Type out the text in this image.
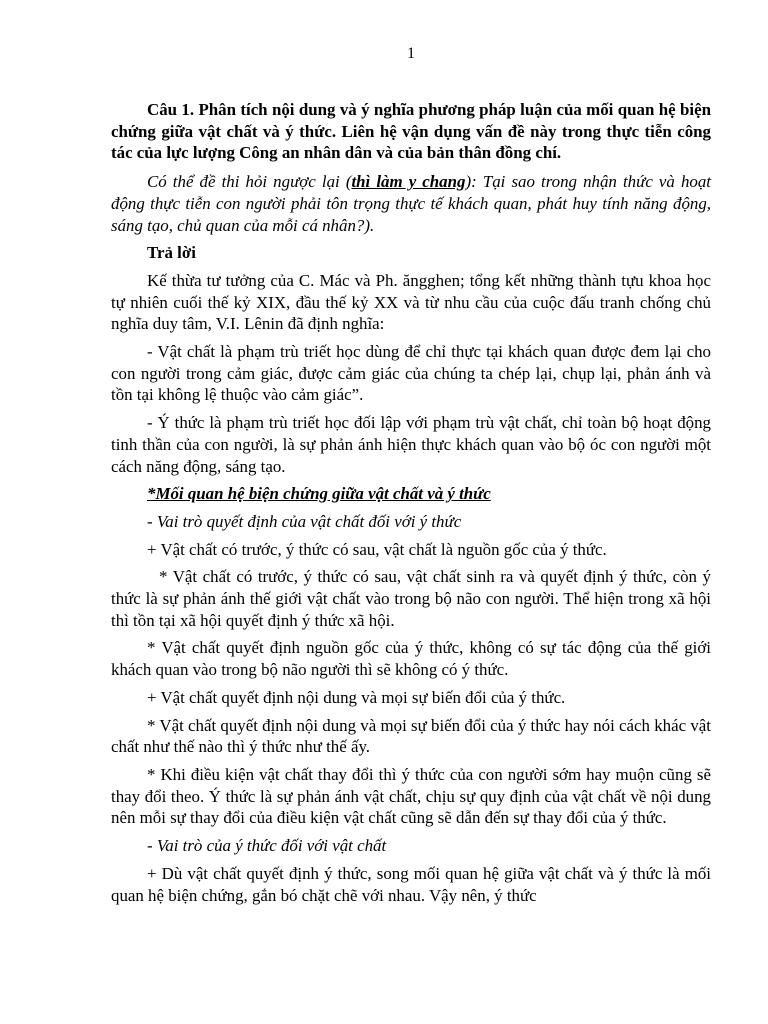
1

Câu 1. Phân tích nội dung và ý nghĩa phương pháp luận của mối quan hệ biện chứng giữa vật chất và ý thức. Liên hệ vận dụng vấn đề này trong thực tiễn công tác của lực lượng Công an nhân dân và của bản thân đồng chí.

Có thể đề thi hỏi ngược lại (thì làm y chang): Tại sao trong nhận thức và hoạt động thực tiễn con người phải tôn trọng thực tế khách quan, phát huy tính năng động, sáng tạo, chủ quan của mỗi cá nhân?).

Trả lời

Kế thừa tư tưởng của C. Mác và Ph. ăngghen; tổng kết những thành tựu khoa học tự nhiên cuối thế kỷ XIX, đầu thế kỷ XX và từ nhu cầu của cuộc đấu tranh chống chủ nghĩa duy tâm, V.I. Lênin đã định nghĩa:

- Vật chất là phạm trù triết học dùng để chỉ thực tại khách quan được đem lại cho con người trong cảm giác, được cảm giác của chúng ta chép lại, chụp lại, phản ánh và tồn tại không lệ thuộc vào cảm giác”.

- Ý thức là phạm trù triết học đối lập với phạm trù vật chất, chỉ toàn bộ hoạt động tinh thần của con người, là sự phản ánh hiện thực khách quan vào bộ óc con người một cách năng động, sáng tạo.

*Mối quan hệ biện chứng giữa vật chất và ý thức

- Vai trò quyết định của vật chất đối với ý thức

+ Vật chất có trước, ý thức có sau, vật chất là nguồn gốc của ý thức.

* Vật chất có trước, ý thức có sau, vật chất sinh ra và quyết định ý thức, còn ý thức là sự phản ánh thế giới vật chất vào trong bộ não con người. Thể hiện trong xã hội thì tồn tại xã hội quyết định ý thức xã hội.

* Vật chất quyết định nguồn gốc của ý thức, không có sự tác động của thế giới khách quan vào trong bộ não người thì sẽ không có ý thức.

+ Vật chất quyết định nội dung và mọi sự biến đổi của ý thức.

* Vật chất quyết định nội dung và mọi sự biến đổi của ý thức hay nói cách khác vật chất như thế nào thì ý thức như thế ấy.

* Khi điều kiện vật chất thay đổi thì ý thức của con người sớm hay muộn cũng sẽ thay đổi theo. Ý thức là sự phản ánh vật chất, chịu sự quy định của vật chất về nội dung nên mỗi sự thay đổi của điều kiện vật chất cũng sẽ dẫn đến sự thay đổi của ý thức.

- Vai trò của ý thức đối với vật chất

+ Dù vật chất quyết định ý thức, song mối quan hệ giữa vật chất và ý thức là mối quan hệ biện chứng, gắn bó chặt chẽ với nhau. Vậy nên, ý thức
